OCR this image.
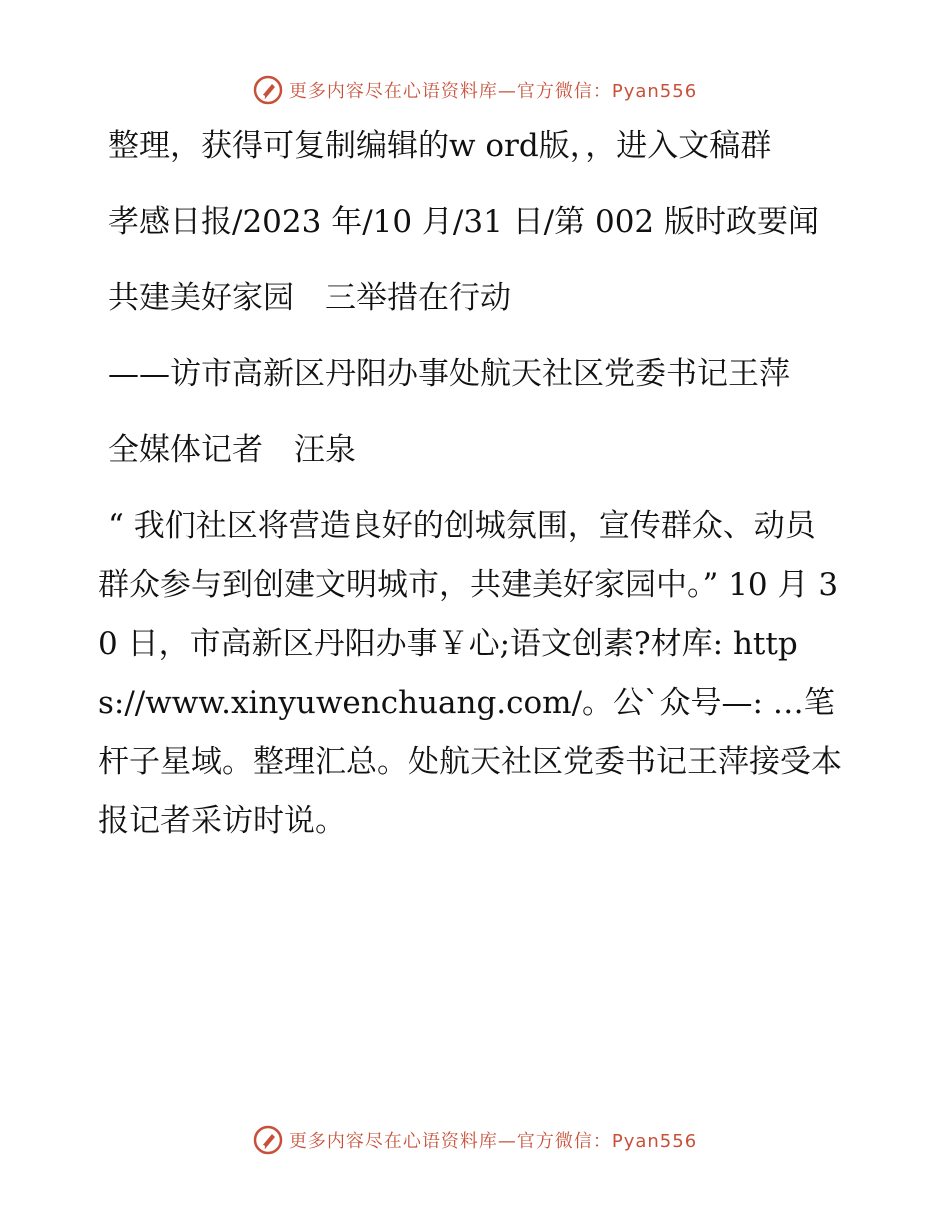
更多内容尽在心语资料库—官方微信：Pyan556

整理，获得可复制编辑的w ord版，，进入文稿群

孝感日报/2023 年/10 月/31 日/第 002 版时政要闻

共建美好家园　三举措在行动

——访市高新区丹阳办事处航天社区党委书记王萍

全媒体记者　汪泉

“ 我们社区将营造良好的创城氛围，宣传群众、动员群众参与到创建文明城市，共建美好家园中。” 10 月 30 日，市高新区丹阳办事￥心;语文创素?材库: https://www.xinyuwenchuang.com/。公`众号—: …笔杆子星域。整理汇总。处航天社区党委书记王萍接受本报记者采访时说。

更多内容尽在心语资料库—官方微信：Pyan556
